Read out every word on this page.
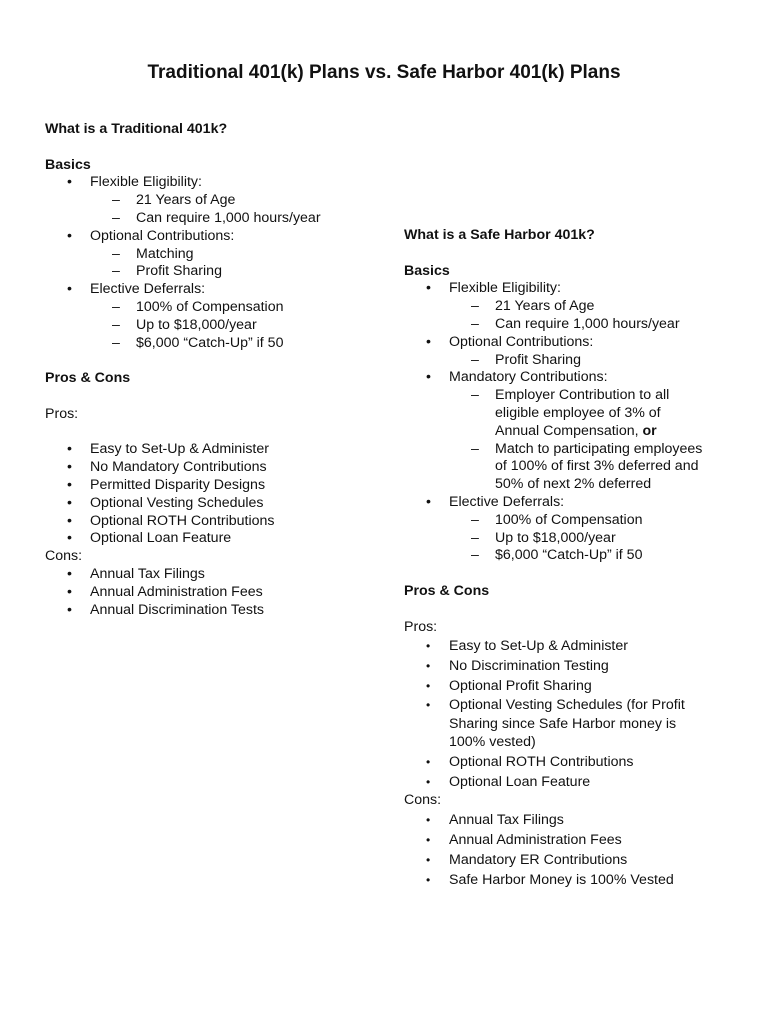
Traditional 401(k) Plans vs. Safe Harbor 401(k) Plans
What is a Traditional 401k?
Basics
• Flexible Eligibility:
– 21 Years of Age
– Can require 1,000 hours/year
• Optional Contributions:
– Matching
– Profit Sharing
• Elective Deferrals:
– 100% of Compensation
– Up to $18,000/year
– $6,000 “Catch-Up” if 50
Pros & Cons
Pros:
• Easy to Set-Up & Administer
• No Mandatory Contributions
• Permitted Disparity Designs
• Optional Vesting Schedules
• Optional ROTH Contributions
• Optional Loan Feature
Cons:
• Annual Tax Filings
• Annual Administration Fees
• Annual Discrimination Tests
What is a Safe Harbor 401k?
Basics
• Flexible Eligibility:
– 21 Years of Age
– Can require 1,000 hours/year
• Optional Contributions:
– Profit Sharing
• Mandatory Contributions:
– Employer Contribution to all
eligible employee of 3% of
Annual Compensation, or
– Match to participating employees
of 100% of first 3% deferred and
50% of next 2% deferred
• Elective Deferrals:
– 100% of Compensation
– Up to $18,000/year
– $6,000 “Catch-Up” if 50
Pros & Cons
Pros:
• Easy to Set-Up & Administer
• No Discrimination Testing
• Optional Profit Sharing
• Optional Vesting Schedules (for Profit
Sharing since Safe Harbor money is
100% vested)
• Optional ROTH Contributions
• Optional Loan Feature
Cons:
• Annual Tax Filings
• Annual Administration Fees
• Mandatory ER Contributions
• Safe Harbor Money is 100% Vested
